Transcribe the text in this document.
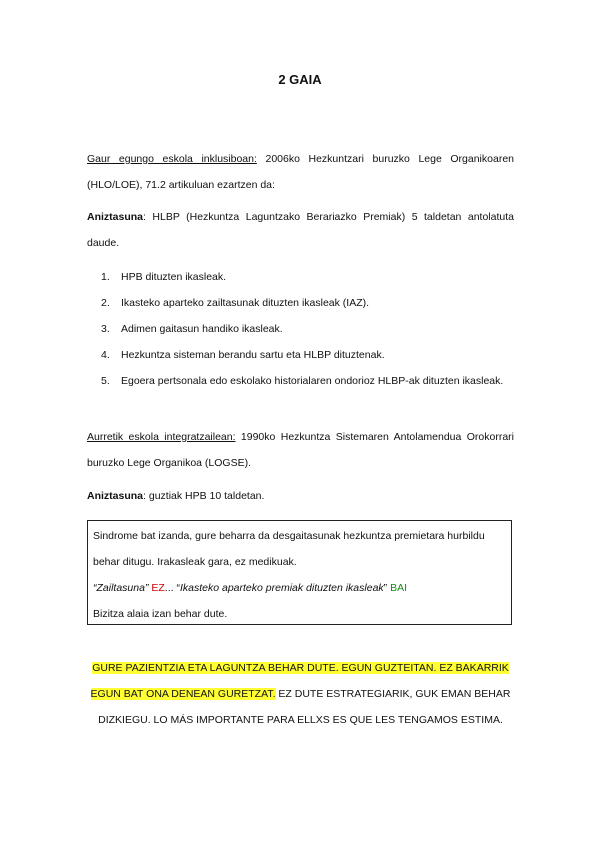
2 GAIA
Gaur egungo eskola inklusiboan: 2006ko Hezkuntzari buruzko Lege Organikoaren (HLO/LOE), 71.2 artikuluan ezartzen da:
Aniztasuna: HLBP (Hezkuntza Laguntzako Berariazko Premiak) 5 taldetan antolatuta daude.
1. HPB dituzten ikasleak.
2. Ikasteko aparteko zailtasunak dituzten ikasleak (IAZ).
3. Adimen gaitasun handiko ikasleak.
4. Hezkuntza sisteman berandu sartu eta HLBP dituztenak.
5. Egoera pertsonala edo eskolako historialaren ondorioz HLBP-ak dituzten ikasleak.
Aurretik eskola integratzailean: 1990ko Hezkuntza Sistemaren Antolamendua Orokorrari buruzko Lege Organikoa (LOGSE).
Aniztasuna: guztiak HPB 10 taldetan.
Sindrome bat izanda, gure beharra da desgaitasunak hezkuntza premietara hurbildu behar ditugu. Irakasleak gara, ez medikuak.
“Zailtasuna” EZ... “Ikasteko aparteko premiak dituzten ikasleak” BAI
Bizitza alaia izan behar dute.
GURE PAZIENTZIA ETA LAGUNTZA BEHAR DUTE. EGUN GUZTEITAN. EZ BAKARRIK EGUN BAT ONA DENEAN GURETZAT. EZ DUTE ESTRATEGIARIK, GUK EMAN BEHAR DIZKIEGU. LO MÁS IMPORTANTE PARA ELLXS ES QUE LES TENGAMOS ESTIMA.
